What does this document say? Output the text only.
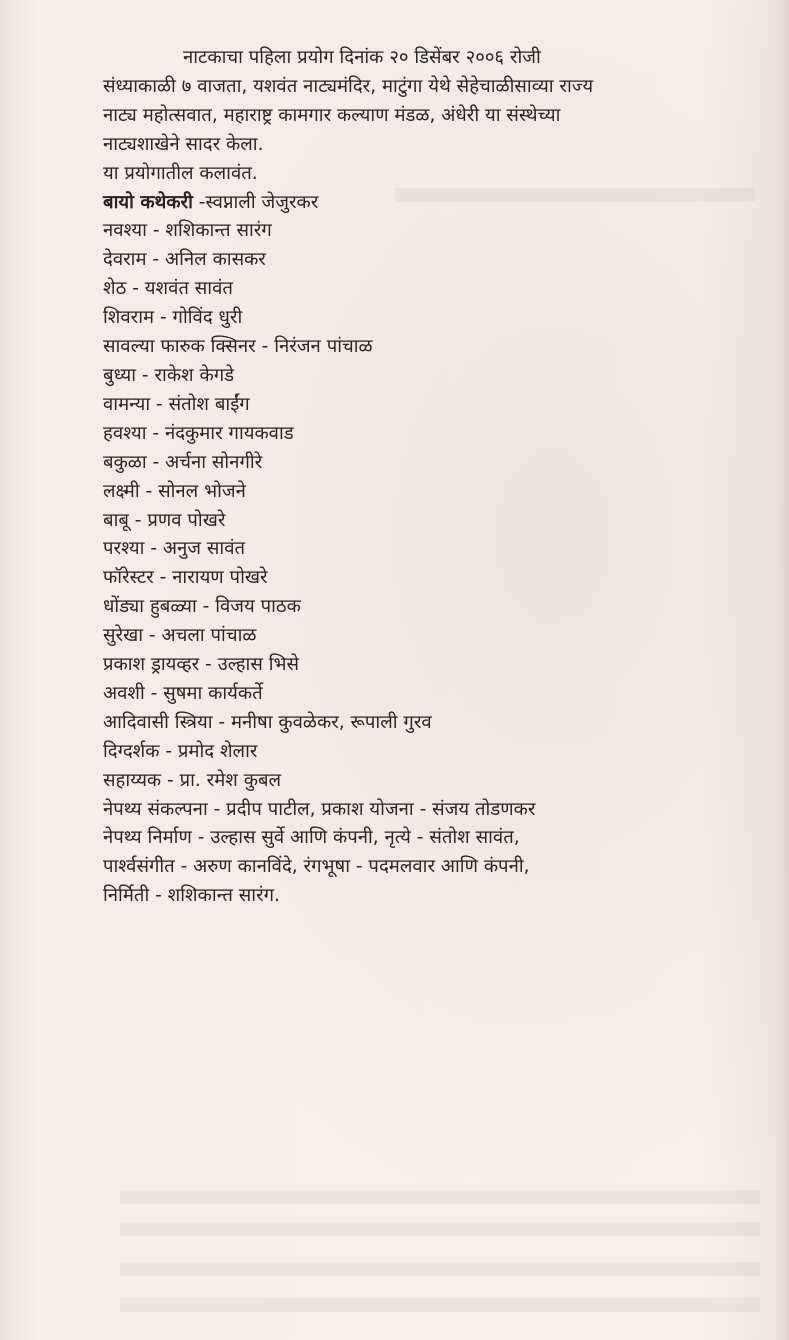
नाटकाचा पहिला प्रयोग दिनांक २० डिसेंबर २००६ रोजी

संध्याकाळी ७ वाजता, यशवंत नाट्यमंदिर, माटुंगा येथे सेहेचाळीसाव्या राज्य

नाट्य महोत्सवात, महाराष्ट्र कामगार कल्याण मंडळ, अंधेरी या संस्थेच्या

नाट्यशाखेने सादर केला.

या प्रयोगातील कलावंत.

बायो कथेकरी -स्वप्नाली जेजुरकर

नवश्या - शशिकान्त सारंग

देवराम - अनिल कासकर

शेठ - यशवंत सावंत

शिवराम - गोविंद धुरी

सावल्या फारुक क्सिनर - निरंजन पांचाळ

बुध्या - राकेश केगडे

वामन्या - संतोश बाईंग

हवश्या - नंदकुमार गायकवाड

बकुळा - अर्चना सोनगीरे

लक्ष्मी - सोनल भोजने

बाबू - प्रणव पोखरे

परश्या - अनुज सावंत

फॉरेस्टर - नारायण पोखरे

धोंड्या हुबळ्या - विजय पाठक

सुरेखा - अचला पांचाळ

प्रकाश ड्रायव्हर - उल्हास भिसे

अवशी - सुषमा कार्यकर्ते

आदिवासी स्त्रिया - मनीषा कुवळेकर, रूपाली गुरव

दिग्दर्शक - प्रमोद शेलार

सहाय्यक - प्रा. रमेश कुबल

नेपथ्य संकल्पना - प्रदीप पाटील, प्रकाश योजना - संजय तोडणकर

नेपथ्य निर्माण - उल्हास सुर्वे आणि कंपनी, नृत्ये - संतोश सावंत,

पार्श्वसंगीत - अरुण कानविंदे, रंगभूषा - पदमलवार आणि कंपनी,

निर्मिती - शशिकान्त सारंग.
